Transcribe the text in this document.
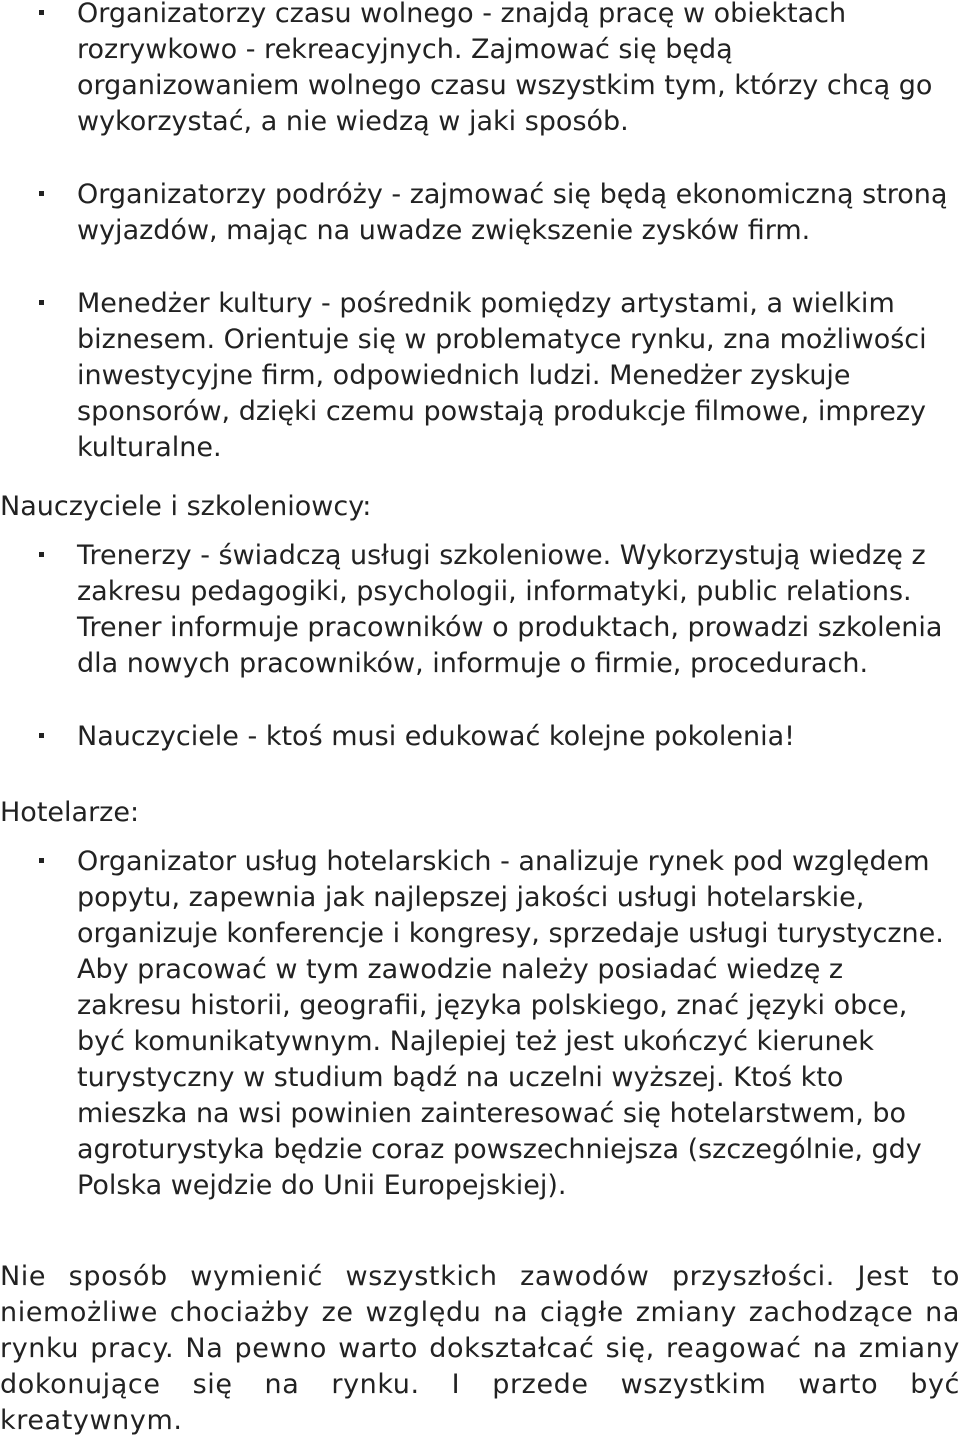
Organizatorzy czasu wolnego - znajdą pracę w obiektach rozrywkowo - rekreacyjnych. Zajmować się będą organizowaniem wolnego czasu wszystkim tym, którzy chcą go wykorzystać, a nie wiedzą w jaki sposób.
Organizatorzy podróży - zajmować się będą ekonomiczną stroną wyjazdów, mając na uwadze zwiększenie zysków firm.
Menedżer kultury - pośrednik pomiędzy artystami, a wielkim biznesem. Orientuje się w problematyce rynku, zna możliwości inwestycyjne firm, odpowiednich ludzi. Menedżer zyskuje sponsorów, dzięki czemu powstają produkcje filmowe, imprezy kulturalne.
Nauczyciele i szkoleniowcy:
Trenerzy - świadczą usługi szkoleniowe. Wykorzystują wiedzę z zakresu pedagogiki, psychologii, informatyki, public relations. Trener informuje pracowników o produktach, prowadzi szkolenia dla nowych pracowników, informuje o firmie, procedurach.
Nauczyciele - ktoś musi edukować kolejne pokolenia!
Hotelarze:
Organizator usług hotelarskich - analizuje rynek pod względem popytu, zapewnia jak najlepszej jakości usługi hotelarskie, organizuje konferencje i kongresy, sprzedaje usługi turystyczne. Aby pracować w tym zawodzie należy posiadać wiedzę z zakresu historii, geografii, języka polskiego, znać języki obce, być komunikatywnym. Najlepiej też jest ukończyć kierunek turystyczny w studium bądź na uczelni wyższej. Ktoś kto mieszka na wsi powinien zainteresować się hotelarstwem, bo agroturystyka będzie coraz powszechniejsza (szczególnie, gdy Polska wejdzie do Unii Europejskiej).

Nie sposób wymienić wszystkich zawodów przyszłości. Jest to niemożliwe chociażby ze względu na ciągłe zmiany zachodzące na rynku pracy. Na pewno warto dokształcać się, reagować na zmiany dokonujące się na rynku. I przede wszystkim warto być kreatywnym.
